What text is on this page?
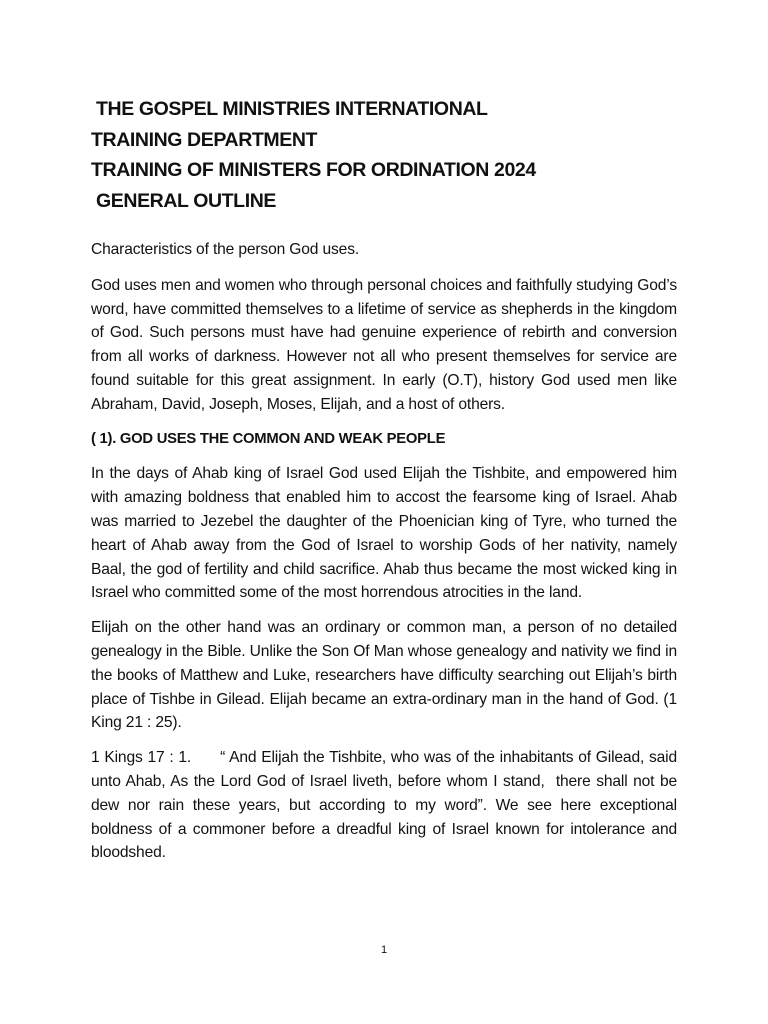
THE GOSPEL MINISTRIES INTERNATIONAL

TRAINING DEPARTMENT

TRAINING OF MINISTERS FOR ORDINATION 2024

GENERAL OUTLINE

Characteristics of the person God uses.

God uses men and women who through personal choices and faithfully studying God’s word, have committed themselves to a lifetime of service as shepherds in the kingdom of God. Such persons must have had genuine experience of rebirth and conversion from all works of darkness. However not all who present themselves for service are found suitable for this great assignment. In early (O.T), history God used men like Abraham, David, Joseph, Moses, Elijah, and a host of others.

( 1). GOD USES THE COMMON AND WEAK PEOPLE

In the days of Ahab king of Israel God used Elijah the Tishbite, and empowered him with amazing boldness that enabled him to accost the fearsome king of Israel. Ahab was married to Jezebel the daughter of the Phoenician king of Tyre, who turned the heart of Ahab away from the God of Israel to worship Gods of her nativity, namely Baal, the god of fertility and child sacrifice. Ahab thus became the most wicked king in Israel who committed some of the most horrendous atrocities in the land.

Elijah on the other hand was an ordinary or common man, a person of no detailed genealogy in the Bible. Unlike the Son Of Man whose genealogy and nativity we find in the books of Matthew and Luke, researchers have difficulty searching out Elijah’s birth place of Tishbe in Gilead. Elijah became an extra-ordinary man in the hand of God. (1 King 21 : 25).

1 Kings 17 : 1.      “ And Elijah the Tishbite, who was of the inhabitants of Gilead, said unto Ahab, As the Lord God of Israel liveth, before whom I stand,  there shall not be dew nor rain these years, but according to my word”. We see here exceptional boldness of a commoner before a dreadful king of Israel known for intolerance and bloodshed.

1
